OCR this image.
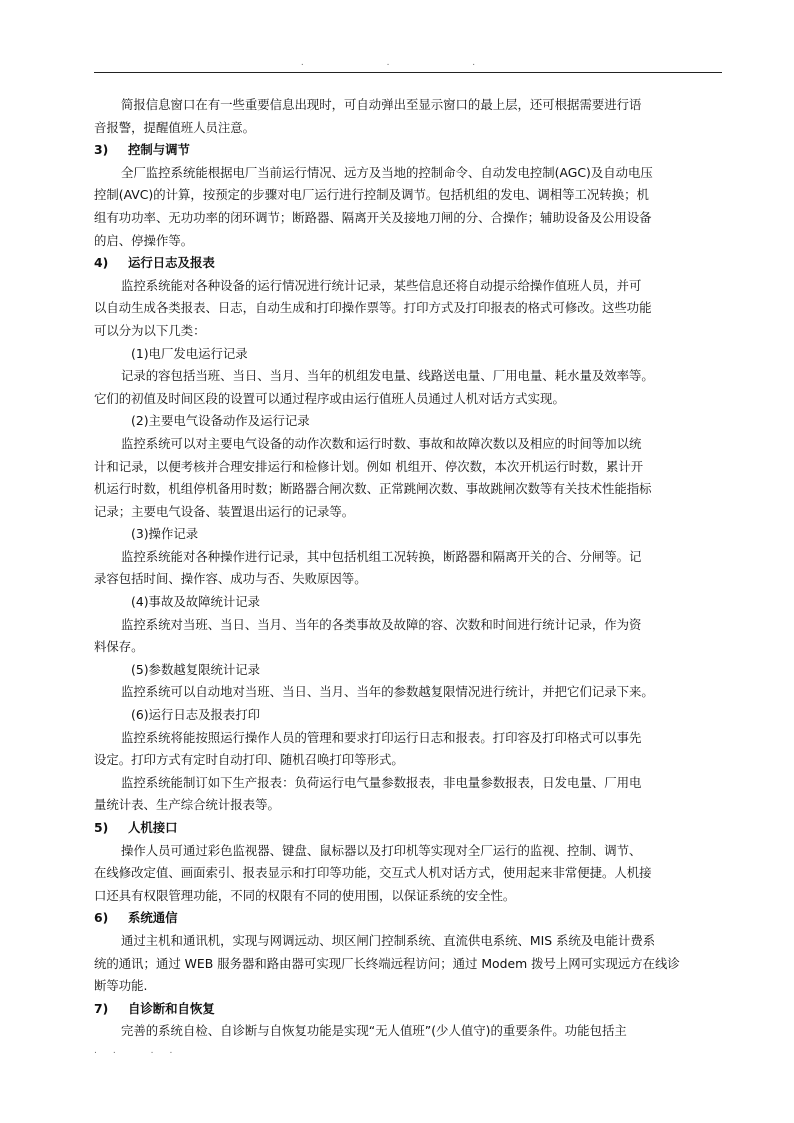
. . .
简报信息窗口在有一些重要信息出现时，可自动弹出至显示窗口的最上层，还可根据需要进行语
音报警，提醒值班人员注意。
3) 控制与调节
全厂监控系统能根据电厂当前运行情况、远方及当地的控制命令、自动发电控制(AGC)及自动电压
控制(AVC)的计算，按预定的步骤对电厂运行进行控制及调节。包括机组的发电、调相等工况转换；机
组有功功率、无功功率的闭环调节；断路器、隔离开关及接地刀闸的分、合操作；辅助设备及公用设备
的启、停操作等。
4) 运行日志及报表
监控系统能对各种设备的运行情况进行统计记录，某些信息还将自动提示给操作值班人员，并可
以自动生成各类报表、日志，自动生成和打印操作票等。打印方式及打印报表的格式可修改。这些功能
可以分为以下几类：
(1)电厂发电运行记录
记录的容包括当班、当日、当月、当年的机组发电量、线路送电量、厂用电量、耗水量及效率等。
它们的初值及时间区段的设置可以通过程序或由运行值班人员通过人机对话方式实现。
(2)主要电气设备动作及运行记录
监控系统可以对主要电气设备的动作次数和运行时数、事故和故障次数以及相应的时间等加以统
计和记录，以便考核并合理安排运行和检修计划。例如 机组开、停次数，本次开机运行时数，累计开
机运行时数，机组停机备用时数；断路器合闸次数、正常跳闸次数、事故跳闸次数等有关技术性能指标
记录；主要电气设备、装置退出运行的记录等。
(3)操作记录
监控系统能对各种操作进行记录，其中包括机组工况转换，断路器和隔离开关的合、分闸等。记
录容包括时间、操作容、成功与否、失败原因等。
(4)事故及故障统计记录
监控系统对当班、当日、当月、当年的各类事故及故障的容、次数和时间进行统计记录，作为资
料保存。
(5)参数越复限统计记录
监控系统可以自动地对当班、当日、当月、当年的参数越复限情况进行统计，并把它们记录下来。
(6)运行日志及报表打印
监控系统将能按照运行操作人员的管理和要求打印运行日志和报表。打印容及打印格式可以事先
设定。打印方式有定时自动打印、随机召唤打印等形式。
监控系统能制订如下生产报表：负荷运行电气量参数报表，非电量参数报表，日发电量、厂用电
量统计表、生产综合统计报表等。
5) 人机接口
操作人员可通过彩色监视器、键盘、鼠标器以及打印机等实现对全厂运行的监视、控制、调节、
在线修改定值、画面索引、报表显示和打印等功能，交互式人机对话方式，使用起来非常便捷。人机接
口还具有权限管理功能，不同的权限有不同的使用围，以保证系统的安全性。
6) 系统通信
通过主机和通讯机，实现与网调远动、坝区闸门控制系统、直流供电系统、MIS 系统及电能计费系
统的通讯；通过 WEB 服务器和路由器可实现厂长终端远程访问；通过 Modem 拨号上网可实现远方在线诊
断等功能.
7) 自诊断和自恢复
完善的系统自检、自诊断与自恢复功能是实现“无人值班”(少人值守)的重要条件。功能包括主
.. ..
